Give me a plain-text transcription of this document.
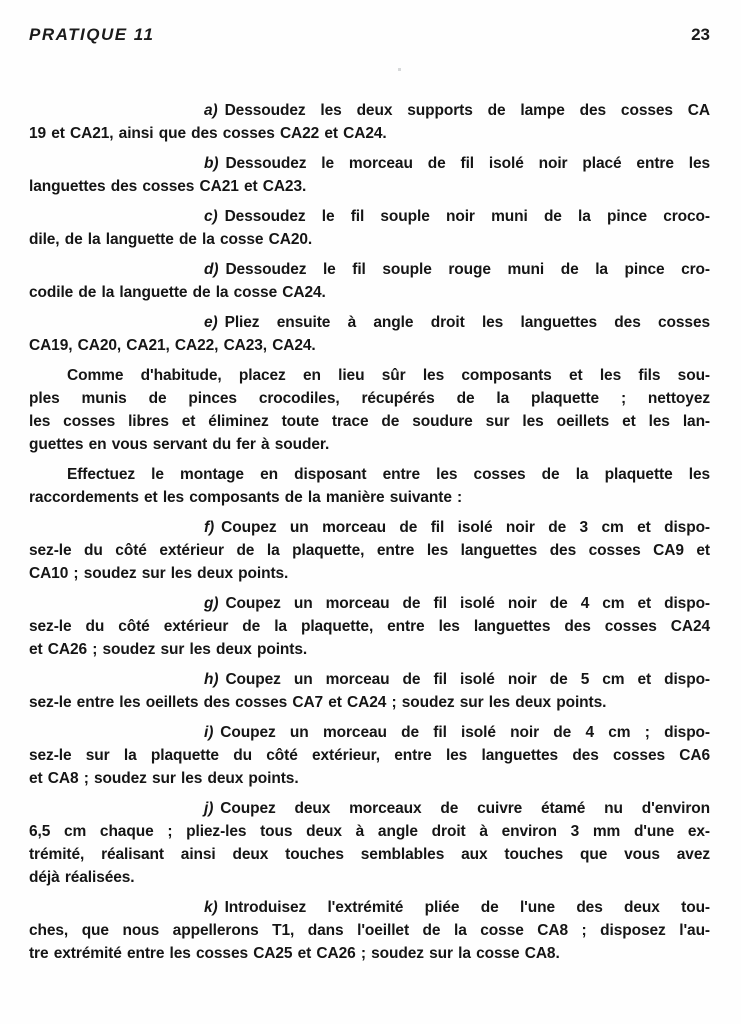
PRATIQUE 11	23
a) Dessoudez les deux supports de lampe des cosses CA
19 et CA21, ainsi que des cosses CA22 et CA24.
b) Dessoudez le morceau de fil isolé noir placé entre les
languettes des cosses CA21 et CA23.
c) Dessoudez le fil souple noir muni de la pince croco-
dile, de la languette de la cosse CA20.
d) Dessoudez le fil souple rouge muni de la pince cro-
codile de la languette de la cosse CA24.
e) Pliez ensuite à angle droit les languettes des cosses
CA19, CA20, CA21, CA22, CA23, CA24.
Comme d'habitude, placez en lieu sûr les composants et les fils sou-
ples munis de pinces crocodiles, récupérés de la plaquette ; nettoyez
les cosses libres et éliminez toute trace de soudure sur les oeillets et les lan-
guettes en vous servant du fer à souder.
Effectuez le montage en disposant entre les cosses de la plaquette les
raccordements et les composants de la manière suivante :
f) Coupez un morceau de fil isolé noir de 3 cm et dispo-
sez-le du côté extérieur de la plaquette, entre les languettes des cosses CA9 et
CA10 ; soudez sur les deux points.
g) Coupez un morceau de fil isolé noir de 4 cm et dispo-
sez-le du côté extérieur de la plaquette, entre les languettes des cosses CA24
et CA26 ; soudez sur les deux points.
h) Coupez un morceau de fil isolé noir de 5 cm et dispo-
sez-le entre les oeillets des cosses CA7 et CA24 ; soudez sur les deux points.
i) Coupez un morceau de fil isolé noir de 4 cm ; dispo-
sez-le sur la plaquette du côté extérieur, entre les languettes des cosses CA6
et CA8 ; soudez sur les deux points.
j) Coupez deux morceaux de cuivre étamé nu d'environ
6,5 cm chaque ; pliez-les tous deux à angle droit à environ 3 mm d'une ex-
trémité, réalisant ainsi deux touches semblables aux touches que vous avez
déjà réalisées.
k) Introduisez l'extrémité pliée de l'une des deux tou-
ches, que nous appellerons T1, dans l'oeillet de la cosse CA8 ; disposez l'au-
tre extrémité entre les cosses CA25 et CA26 ; soudez sur la cosse CA8.
